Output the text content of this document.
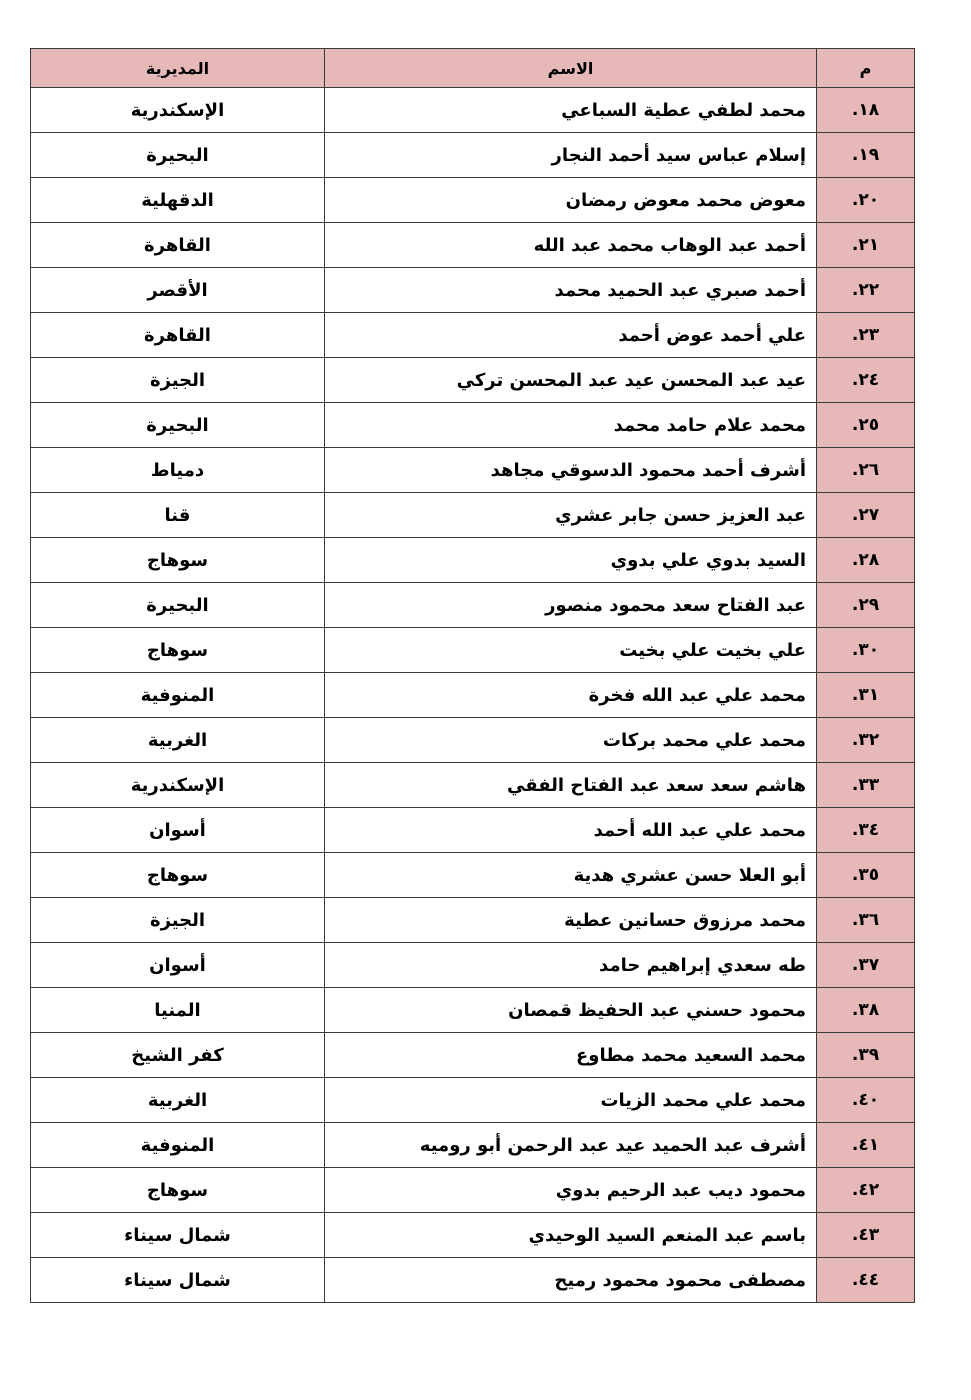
م	الاسم	المديرية
١٨.	محمد لطفي عطية السباعي	الإسكندرية
١٩.	إسلام عباس سيد أحمد النجار	البحيرة
٢٠.	معوض محمد معوض رمضان	الدقهلية
٢١.	أحمد عبد الوهاب محمد عبد الله	القاهرة
٢٢.	أحمد صبري عبد الحميد محمد	الأقصر
٢٣.	علي أحمد عوض أحمد	القاهرة
٢٤.	عيد عبد المحسن عيد عبد المحسن تركي	الجيزة
٢٥.	محمد علام حامد محمد	البحيرة
٢٦.	أشرف أحمد محمود الدسوقي مجاهد	دمياط
٢٧.	عبد العزيز حسن جابر عشري	قنا
٢٨.	السيد بدوي علي بدوي	سوهاج
٢٩.	عبد الفتاح سعد محمود منصور	البحيرة
٣٠.	علي بخيت علي بخيت	سوهاج
٣١.	محمد علي عبد الله فخرة	المنوفية
٣٢.	محمد علي محمد بركات	الغربية
٣٣.	هاشم سعد سعد عبد الفتاح الفقي	الإسكندرية
٣٤.	محمد علي عبد الله أحمد	أسوان
٣٥.	أبو العلا حسن عشري هدية	سوهاج
٣٦.	محمد مرزوق حسانين عطية	الجيزة
٣٧.	طه سعدي إبراهيم حامد	أسوان
٣٨.	محمود حسني عبد الحفيظ قمصان	المنيا
٣٩.	محمد السعيد محمد مطاوع	كفر الشيخ
٤٠.	محمد علي محمد الزيات	الغربية
٤١.	أشرف عبد الحميد عيد عبد الرحمن أبو روميه	المنوفية
٤٢.	محمود ديب عبد الرحيم بدوي	سوهاج
٤٣.	باسم عبد المنعم السيد الوحيدي	شمال سيناء
٤٤.	مصطفى محمود محمود رميح	شمال سيناء
